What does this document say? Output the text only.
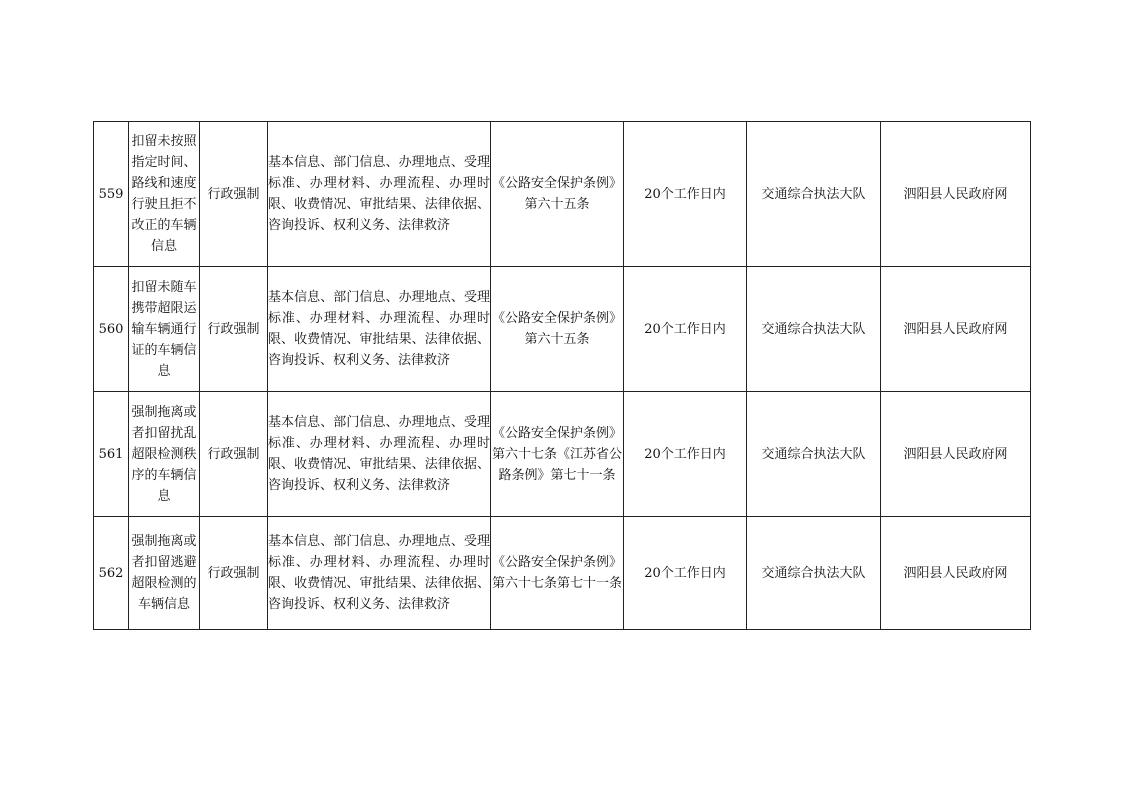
559	扣留未按照指定时间、路线和速度行驶且拒不改正的车辆信息	行政强制	基本信息、部门信息、办理地点、受理标准、办理材料、办理流程、办理时限、收费情况、审批结果、法律依据、咨询投诉、权利义务、法律救济	《公路安全保护条例》第六十五条	20个工作日内	交通综合执法大队	泗阳县人民政府网
560	扣留未随车携带超限运输车辆通行证的车辆信息	行政强制	基本信息、部门信息、办理地点、受理标准、办理材料、办理流程、办理时限、收费情况、审批结果、法律依据、咨询投诉、权利义务、法律救济	《公路安全保护条例》第六十五条	20个工作日内	交通综合执法大队	泗阳县人民政府网
561	强制拖离或者扣留扰乱超限检测秩序的车辆信息	行政强制	基本信息、部门信息、办理地点、受理标准、办理材料、办理流程、办理时限、收费情况、审批结果、法律依据、咨询投诉、权利义务、法律救济	《公路安全保护条例》第六十七条《江苏省公路条例》第七十一条	20个工作日内	交通综合执法大队	泗阳县人民政府网
562	强制拖离或者扣留逃避超限检测的车辆信息	行政强制	基本信息、部门信息、办理地点、受理标准、办理材料、办理流程、办理时限、收费情况、审批结果、法律依据、咨询投诉、权利义务、法律救济	《公路安全保护条例》第六十七条第七十一条	20个工作日内	交通综合执法大队	泗阳县人民政府网
